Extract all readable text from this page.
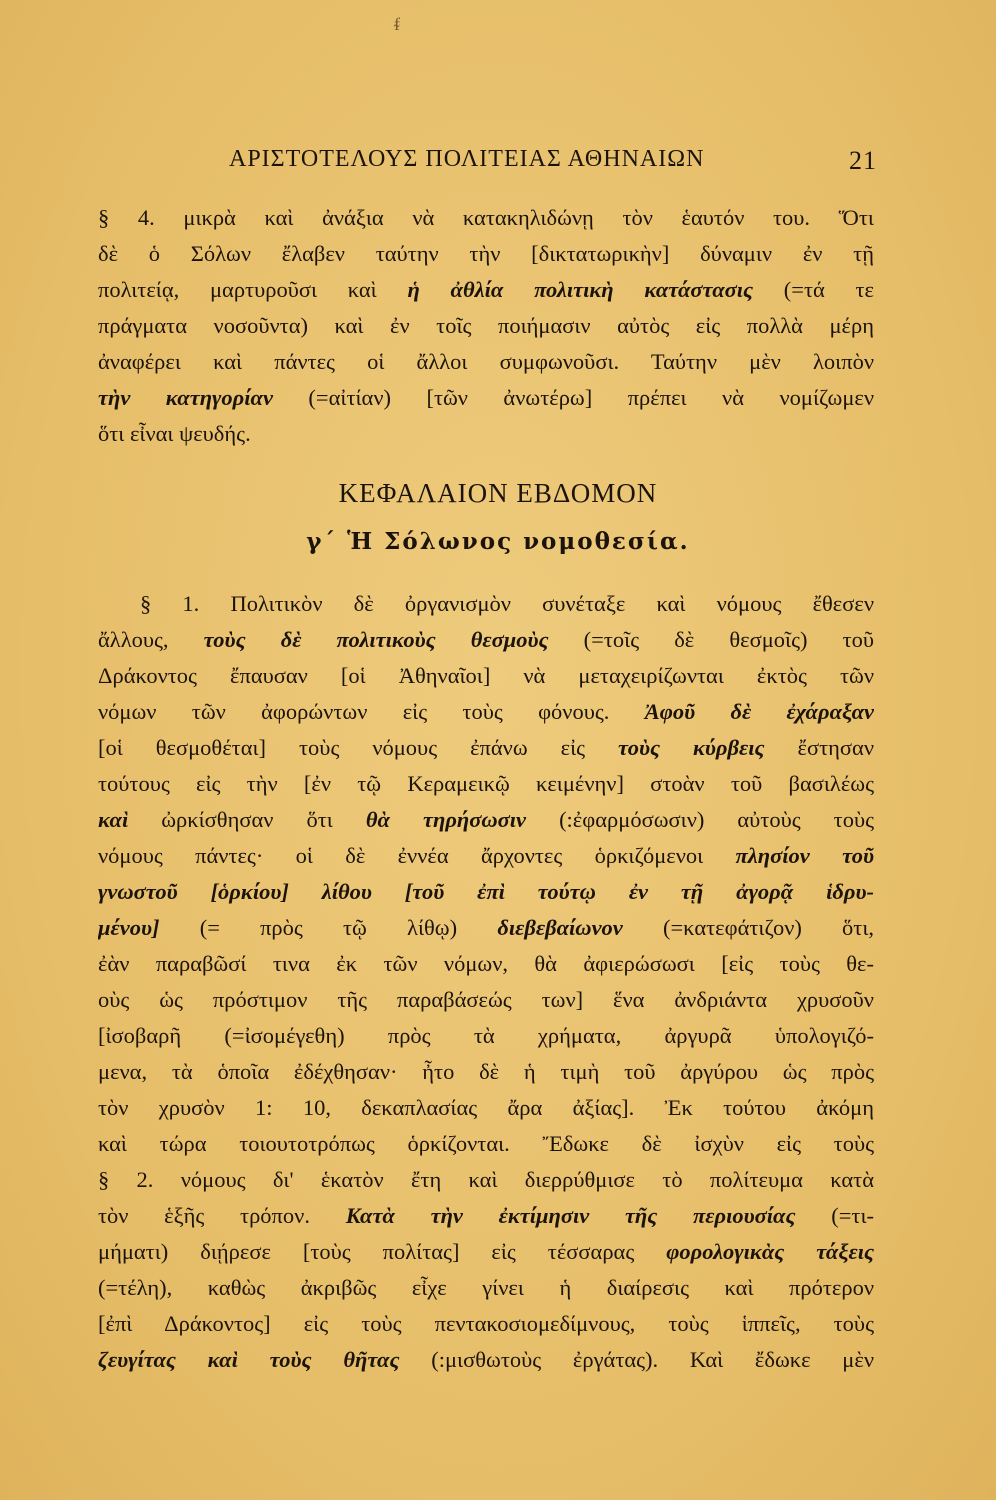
ΑΡΙΣΤΟΤΕΛΟΥΣ ΠΟΛΙΤΕΙΑΣ ΑΘΗΝΑΙΩΝ	21
§ 4. μικρὰ καὶ ἀνάξια νὰ κατακηλιδώνῃ τὸν ἑαυτόν του. Ὅτι
δὲ ὁ Σόλων ἔλαβεν ταύτην τὴν [δικτατωρικὴν] δύναμιν ἐν τῇ
πολιτείᾳ, μαρτυροῦσι καὶ ἡ ἀθλία πολιτικὴ κατάστασις (=τά τε
πράγματα νοσοῦντα) καὶ ἐν τοῖς ποιήμασιν αὐτὸς εἰς πολλὰ μέρη
ἀναφέρει καὶ πάντες οἱ ἄλλοι συμφωνοῦσι. Ταύτην μὲν λοιπὸν
τὴν κατηγορίαν (=αἰτίαν) [τῶν ἀνωτέρω] πρέπει νὰ νομίζωμεν
ὅτι εἶναι ψευδής.
ΚΕΦΑΛΑΙΟΝ ΕΒΔΟΜΟΝ
γ΄ Ἡ Σόλωνος νομοθεσία.
§ 1. Πολιτικὸν δὲ ὀργανισμὸν συνέταξε καὶ νόμους ἔθεσεν
ἄλλους, τοὺς δὲ πολιτικοὺς θεσμοὺς (=τοῖς δὲ θεσμοῖς) τοῦ
Δράκοντος ἔπαυσαν [οἱ Ἀθηναῖοι] νὰ μεταχειρίζωνται ἐκτὸς τῶν
νόμων τῶν ἀφορώντων εἰς τοὺς φόνους. Ἀφοῦ δὲ ἐχάραξαν
[οἱ θεσμοθέται] τοὺς νόμους ἐπάνω εἰς τοὺς κύρβεις ἔστησαν
τούτους εἰς τὴν [ἐν τῷ Κεραμεικῷ κειμένην] στοὰν τοῦ βασιλέως
καὶ ὠρκίσθησαν ὅτι θὰ τηρήσωσιν (:ἐφαρμόσωσιν) αὐτοὺς τοὺς
νόμους πάντες· οἱ δὲ ἐννέα ἄρχοντες ὁρκιζόμενοι πλησίον τοῦ
γνωστοῦ [ὁρκίου] λίθου [τοῦ ἐπὶ τούτῳ ἐν τῇ ἀγορᾷ ἱδρυ-
μένου] (= πρὸς τῷ λίθῳ) διεβεβαίωνον (=κατεφάτιζον) ὅτι,
ἐὰν παραβῶσί τινα ἐκ τῶν νόμων, θὰ ἀφιερώσωσι [εἰς τοὺς θε-
οὺς ὡς πρόστιμον τῆς παραβάσεώς των] ἕνα ἀνδριάντα χρυσοῦν
[ἰσοβαρῆ (=ἰσομέγεθη) πρὸς τὰ χρήματα, ἀργυρᾶ ὑπολογιζό-
μενα, τὰ ὁποῖα ἐδέχθησαν· ἦτο δὲ ἡ τιμὴ τοῦ ἀργύρου ὡς πρὸς
τὸν χρυσὸν 1: 10, δεκαπλασίας ἄρα ἀξίας]. Ἐκ τούτου ἀκόμη
καὶ τώρα τοιουτοτρόπως ὁρκίζονται. Ἔδωκε δὲ ἰσχὺν εἰς τοὺς
§ 2. νόμους δι' ἑκατὸν ἔτη καὶ διερρύθμισε τὸ πολίτευμα κατὰ
τὸν ἑξῆς τρόπον. Κατὰ τὴν ἐκτίμησιν τῆς περιουσίας (=τι-
μήματι) διῄρεσε [τοὺς πολίτας] εἰς τέσσαρας φορολογικὰς τάξεις
(=τέλη), καθὼς ἀκριβῶς εἶχε γίνει ἡ διαίρεσις καὶ πρότερον
[ἐπὶ Δράκοντος] εἰς τοὺς πεντακοσιομεδίμνους, τοὺς ἱππεῖς, τοὺς
ζευγίτας καὶ τοὺς θῆτας (:μισθωτοὺς ἐργάτας). Καὶ ἔδωκε μὲν
ᵮ
